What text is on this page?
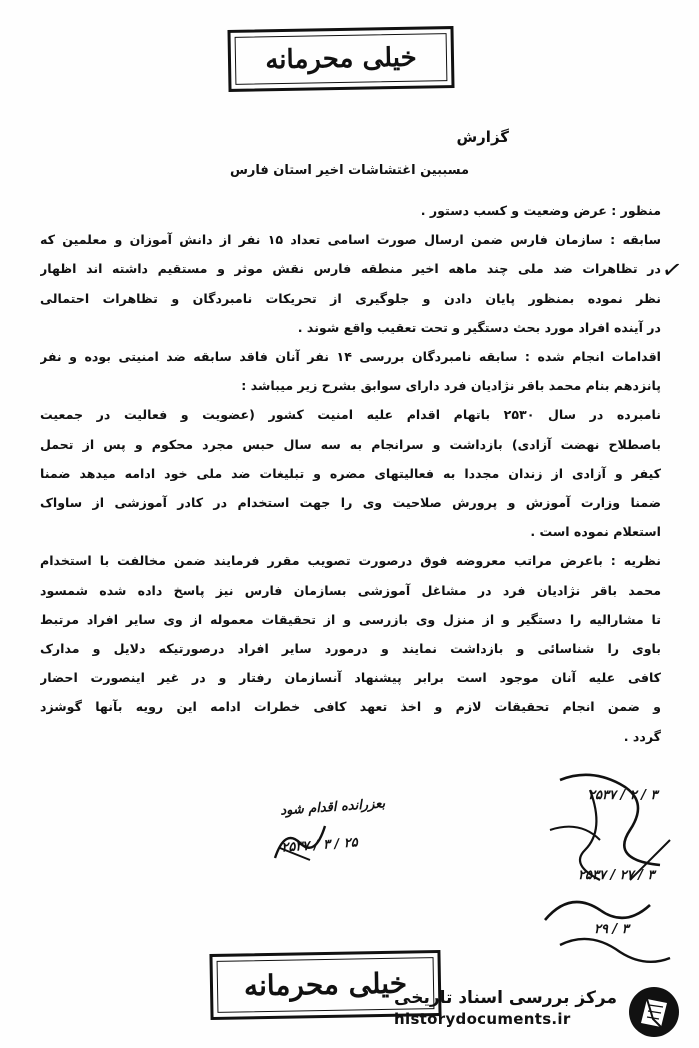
خیلی محرمانه
گزارش
مسببین اغتشاشات اخیر استان فارس
✓
منظور : عرض وضعیت و کسب دستور .
سابقه : سازمان فارس ضمن ارسال صورت اسامی تعداد ۱۵ نفر از دانش آموزان و معلمین که
در تظاهرات ضد ملی چند ماهه اخیر منطقه فارس نقش موثر و مستقیم داشته اند اظهار
نظر نموده بمنظور پایان دادن و جلوگیری از تحریکات نامبردگان و تظاهرات احتمالی
در آینده افراد مورد بحث دستگیر و تحت تعقیب واقع شوند .
اقدامات انجام شده : سابقه نامبردگان بررسی ۱۴ نفر آنان فاقد سابقه ضد امنیتی بوده و نفر
پانزدهم بنام محمد باقر نژادیان فرد دارای سوابق بشرح زیر میباشد :
نامبرده در سال ۲۵۳۰ باتهام اقدام علیه امنیت کشور (عضویت و فعالیت در جمعیت
باصطلاح نهضت آزادی) بازداشت و سرانجام به سه سال حبس مجرد محکوم و پس از تحمل
کیفر و آزادی از زندان مجددا به فعالیتهای مضره و تبلیغات ضد ملی خود ادامه میدهد ضمنا
ضمنا وزارت آموزش و پرورش صلاحیت وی را جهت استخدام در کادر آموزشی از ساواک
استعلام نموده است .
نظریه : باعرض مراتب معروضه فوق درصورت تصویب مقرر فرمایند ضمن مخالفت با استخدام
محمد باقر نژادیان فرد در مشاغل آموزشی بسازمان فارس نیز پاسخ داده شده شمسود
تا مشارالیه را دستگیر و از منزل وی بازرسی و از تحقیقات معموله از وی سایر افراد مرتبط
باوی را شناسائی و بازداشت نمایند و درمورد سایر افراد درصورتیکه دلایل و مدارک
کافی علیه آنان موجود است برابر پیشنهاد آنسازمان رفتار و در غیر اینصورت احضار
و ضمن انجام تحقیقات لازم و اخذ تعهد کافی خطرات ادامه این رویه بآنها گوشزد
گردد .
بعزرانده اقدام شود
۲۵ / ۳ / ۲۵۳۷
۳ / ۲ / ۲۵۳۷
۳ / ۲۷ / ۲۵۳۷
۳ / ۲۹
خیلی محرمانه
مرکز بررسی اسناد تاریخی
historydocuments.ir
